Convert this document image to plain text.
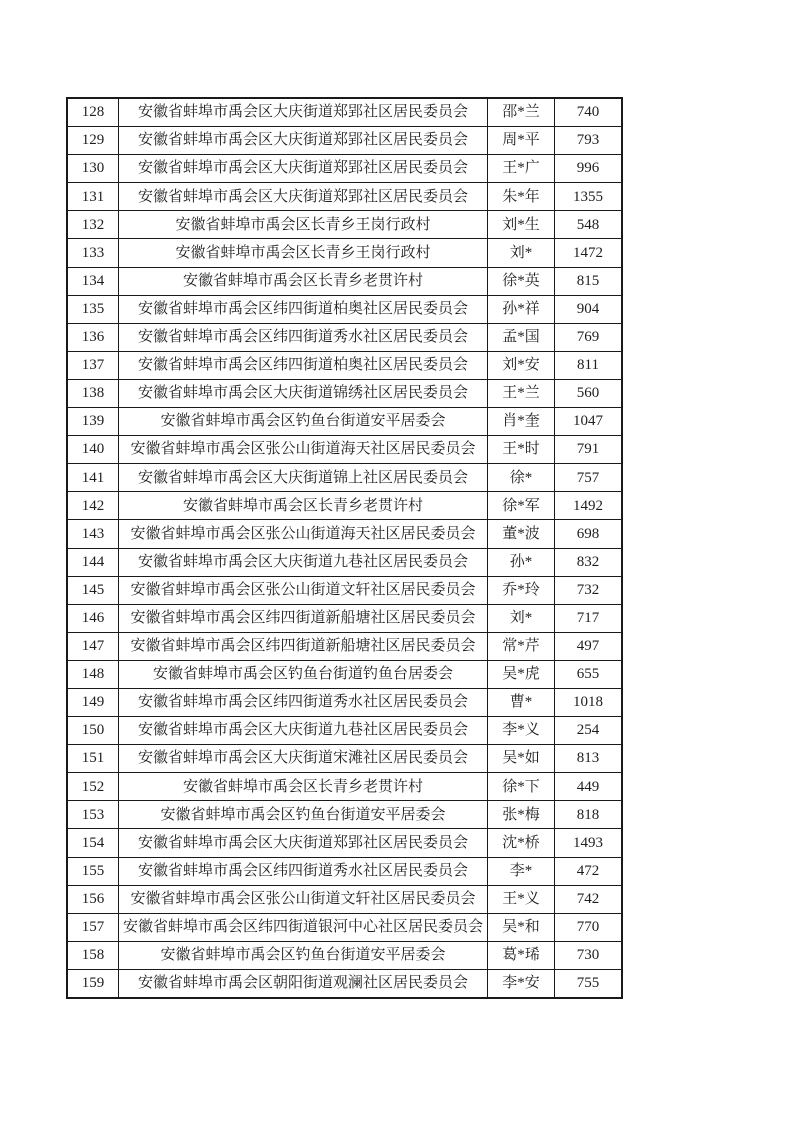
128	安徽省蚌埠市禹会区大庆街道郑郢社区居民委员会	邵*兰	740
129	安徽省蚌埠市禹会区大庆街道郑郢社区居民委员会	周*平	793
130	安徽省蚌埠市禹会区大庆街道郑郢社区居民委员会	王*广	996
131	安徽省蚌埠市禹会区大庆街道郑郢社区居民委员会	朱*年	1355
132	安徽省蚌埠市禹会区长青乡王岗行政村	刘*生	548
133	安徽省蚌埠市禹会区长青乡王岗行政村	刘*	1472
134	安徽省蚌埠市禹会区长青乡老贯许村	徐*英	815
135	安徽省蚌埠市禹会区纬四街道柏奥社区居民委员会	孙*祥	904
136	安徽省蚌埠市禹会区纬四街道秀水社区居民委员会	孟*国	769
137	安徽省蚌埠市禹会区纬四街道柏奥社区居民委员会	刘*安	811
138	安徽省蚌埠市禹会区大庆街道锦绣社区居民委员会	王*兰	560
139	安徽省蚌埠市禹会区钓鱼台街道安平居委会	肖*奎	1047
140	安徽省蚌埠市禹会区张公山街道海天社区居民委员会	王*时	791
141	安徽省蚌埠市禹会区大庆街道锦上社区居民委员会	徐*	757
142	安徽省蚌埠市禹会区长青乡老贯许村	徐*军	1492
143	安徽省蚌埠市禹会区张公山街道海天社区居民委员会	董*波	698
144	安徽省蚌埠市禹会区大庆街道九巷社区居民委员会	孙*	832
145	安徽省蚌埠市禹会区张公山街道文轩社区居民委员会	乔*玲	732
146	安徽省蚌埠市禹会区纬四街道新船塘社区居民委员会	刘*	717
147	安徽省蚌埠市禹会区纬四街道新船塘社区居民委员会	常*芹	497
148	安徽省蚌埠市禹会区钓鱼台街道钓鱼台居委会	吴*虎	655
149	安徽省蚌埠市禹会区纬四街道秀水社区居民委员会	曹*	1018
150	安徽省蚌埠市禹会区大庆街道九巷社区居民委员会	李*义	254
151	安徽省蚌埠市禹会区大庆街道宋滩社区居民委员会	吴*如	813
152	安徽省蚌埠市禹会区长青乡老贯许村	徐*下	449
153	安徽省蚌埠市禹会区钓鱼台街道安平居委会	张*梅	818
154	安徽省蚌埠市禹会区大庆街道郑郢社区居民委员会	沈*桥	1493
155	安徽省蚌埠市禹会区纬四街道秀水社区居民委员会	李*	472
156	安徽省蚌埠市禹会区张公山街道文轩社区居民委员会	王*义	742
157	安徽省蚌埠市禹会区纬四街道银河中心社区居民委员会	吴*和	770
158	安徽省蚌埠市禹会区钓鱼台街道安平居委会	葛*琋	730
159	安徽省蚌埠市禹会区朝阳街道观澜社区居民委员会	李*安	755
